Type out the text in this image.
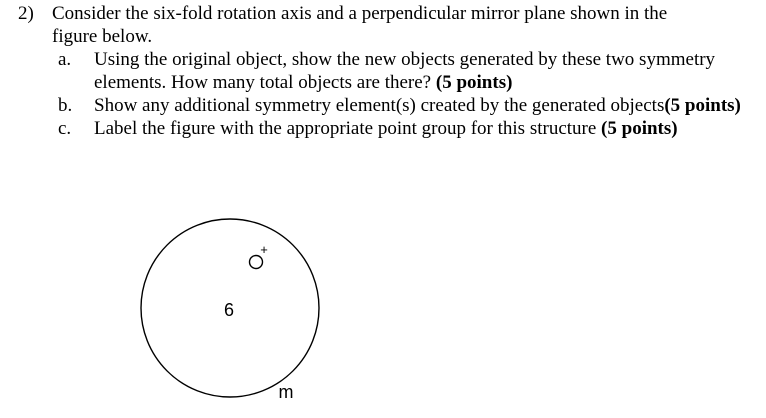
2) Consider the six-fold rotation axis and a perpendicular mirror plane shown in the
figure below.
a. Using the original object, show the new objects generated by these two symmetry elements. How many total objects are there? (5 points)
b. Show any additional symmetry element(s) created by the generated objects(5 points)
c. Label the figure with the appropriate point group for this structure (5 points)
6
+
m
